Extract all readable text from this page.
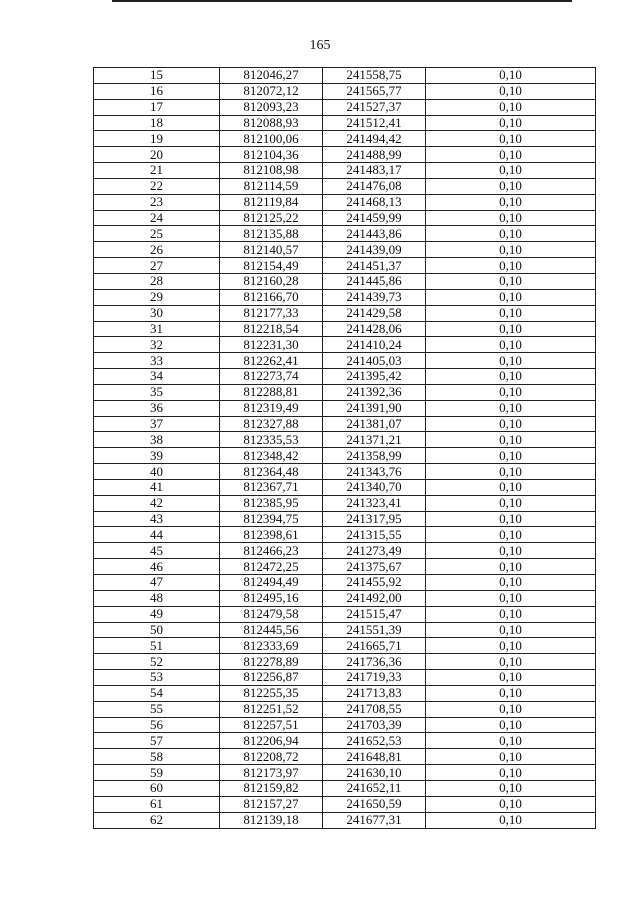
165
15	812046,27	241558,75	0,10
16	812072,12	241565,77	0,10
17	812093,23	241527,37	0,10
18	812088,93	241512,41	0,10
19	812100,06	241494,42	0,10
20	812104,36	241488,99	0,10
21	812108,98	241483,17	0,10
22	812114,59	241476,08	0,10
23	812119,84	241468,13	0,10
24	812125,22	241459,99	0,10
25	812135,88	241443,86	0,10
26	812140,57	241439,09	0,10
27	812154,49	241451,37	0,10
28	812160,28	241445,86	0,10
29	812166,70	241439,73	0,10
30	812177,33	241429,58	0,10
31	812218,54	241428,06	0,10
32	812231,30	241410,24	0,10
33	812262,41	241405,03	0,10
34	812273,74	241395,42	0,10
35	812288,81	241392,36	0,10
36	812319,49	241391,90	0,10
37	812327,88	241381,07	0,10
38	812335,53	241371,21	0,10
39	812348,42	241358,99	0,10
40	812364,48	241343,76	0,10
41	812367,71	241340,70	0,10
42	812385,95	241323,41	0,10
43	812394,75	241317,95	0,10
44	812398,61	241315,55	0,10
45	812466,23	241273,49	0,10
46	812472,25	241375,67	0,10
47	812494,49	241455,92	0,10
48	812495,16	241492,00	0,10
49	812479,58	241515,47	0,10
50	812445,56	241551,39	0,10
51	812333,69	241665,71	0,10
52	812278,89	241736,36	0,10
53	812256,87	241719,33	0,10
54	812255,35	241713,83	0,10
55	812251,52	241708,55	0,10
56	812257,51	241703,39	0,10
57	812206,94	241652,53	0,10
58	812208,72	241648,81	0,10
59	812173,97	241630,10	0,10
60	812159,82	241652,11	0,10
61	812157,27	241650,59	0,10
62	812139,18	241677,31	0,10
